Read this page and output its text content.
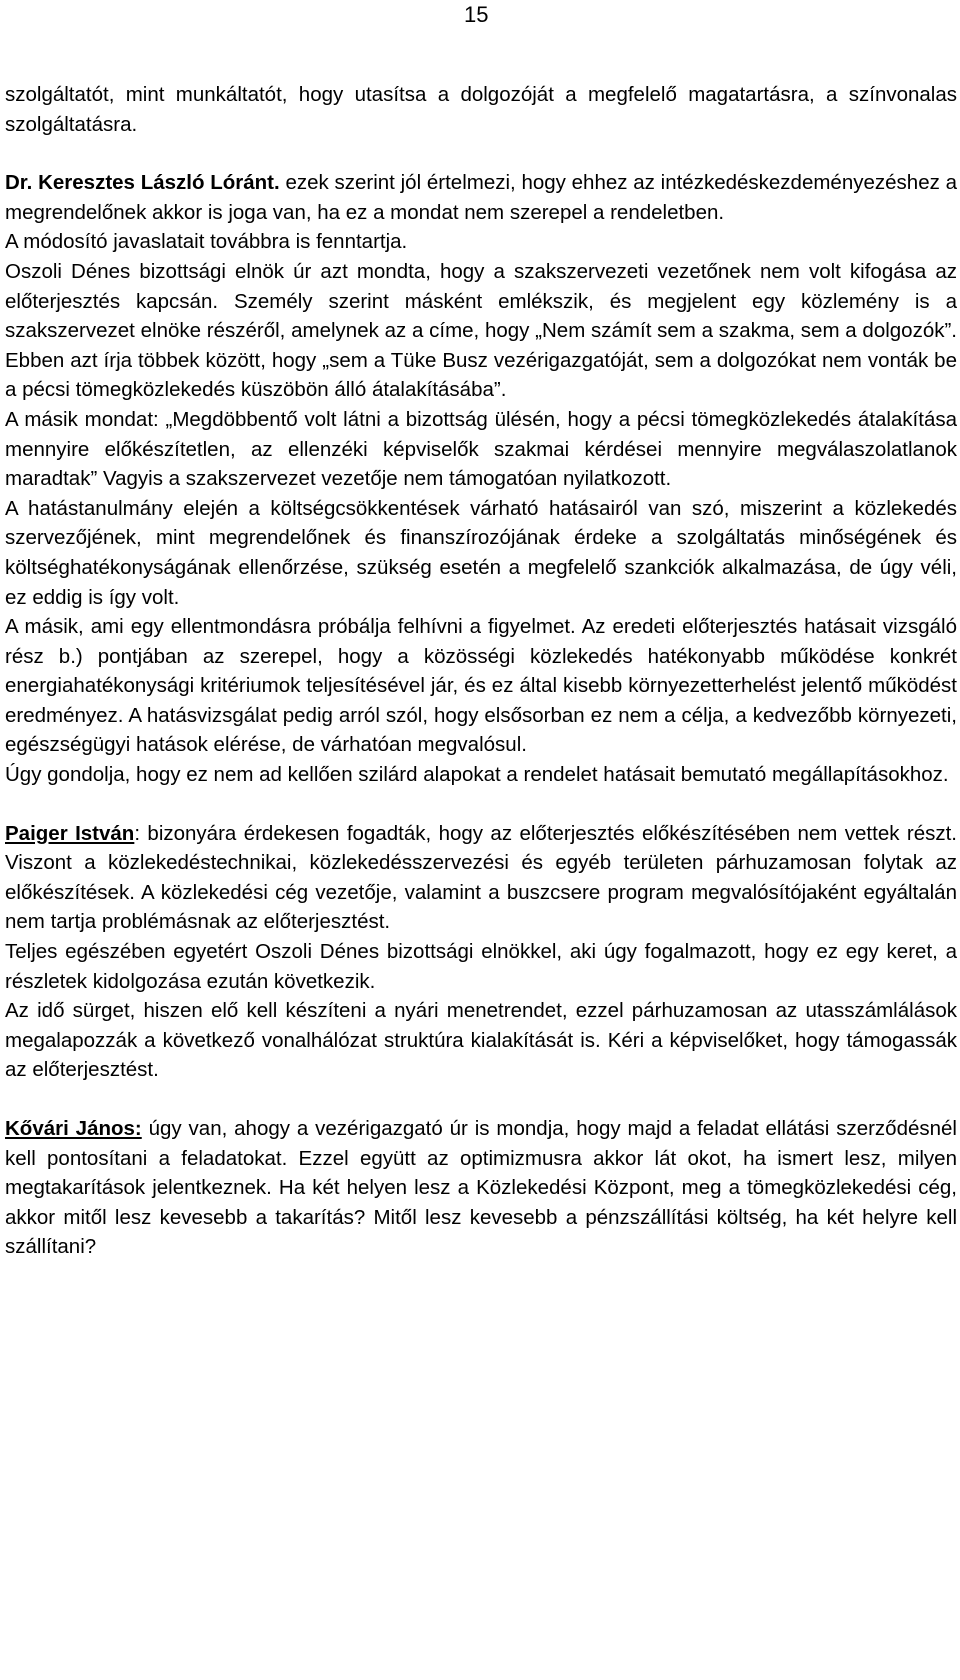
15

szolgáltatót, mint munkáltatót, hogy utasítsa a dolgozóját a megfelelő magatartásra, a színvonalas szolgáltatásra.

Dr. Keresztes László Lóránt. ezek szerint jól értelmezi, hogy ehhez az intézkedéskezdeményezéshez a megrendelőnek akkor is joga van, ha ez a mondat nem szerepel a rendeletben.

A módosító javaslatait továbbra is fenntartja.

Oszoli Dénes bizottsági elnök úr azt mondta, hogy a szakszervezeti vezetőnek nem volt kifogása az előterjesztés kapcsán. Személy szerint másként emlékszik, és megjelent egy közlemény is a szakszervezet elnöke részéről, amelynek az a címe, hogy „Nem számít sem a szakma, sem a dolgozók”. Ebben azt írja többek között, hogy „sem a Tüke Busz vezérigazgatóját, sem a dolgozókat nem vonták be a pécsi tömegközlekedés küszöbön álló átalakításába”.

A másik mondat: „Megdöbbentő volt látni a bizottság ülésén, hogy a pécsi tömegközlekedés átalakítása mennyire előkészítetlen, az ellenzéki képviselők szakmai kérdései mennyire megválaszolatlanok maradtak” Vagyis a szakszervezet vezetője nem támogatóan nyilatkozott.

A hatástanulmány elején a költségcsökkentések várható hatásairól van szó, miszerint a közlekedés szervezőjének, mint megrendelőnek és finanszírozójának érdeke a szolgáltatás minőségének és költséghatékonyságának ellenőrzése, szükség esetén a megfelelő szankciók alkalmazása, de úgy véli, ez eddig is így volt.

A másik, ami egy ellentmondásra próbálja felhívni a figyelmet. Az eredeti előterjesztés hatásait vizsgáló rész b.) pontjában az szerepel, hogy a közösségi közlekedés hatékonyabb működése konkrét energiahatékonysági kritériumok teljesítésével jár, és ez által kisebb környezetterhelést jelentő működést eredményez. A hatásvizsgálat pedig arról szól, hogy elsősorban ez nem a célja, a kedvezőbb környezeti, egészségügyi hatások elérése, de várhatóan megvalósul.

Úgy gondolja, hogy ez nem ad kellően szilárd alapokat a rendelet hatásait bemutató megállapításokhoz.

Paiger István: bizonyára érdekesen fogadták, hogy az előterjesztés előkészítésében nem vettek részt. Viszont a közlekedéstechnikai, közlekedésszervezési és egyéb területen párhuzamosan folytak az előkészítések. A közlekedési cég vezetője, valamint a buszcsere program megvalósítójaként egyáltalán nem tartja problémásnak az előterjesztést.

Teljes egészében egyetért Oszoli Dénes bizottsági elnökkel, aki úgy fogalmazott, hogy ez egy keret, a részletek kidolgozása ezután következik.

Az idő sürget, hiszen elő kell készíteni a nyári menetrendet, ezzel párhuzamosan az utasszámlálások megalapozzák a következő vonalhálózat struktúra kialakítását is. Kéri a képviselőket, hogy támogassák az előterjesztést.

Kővári János: úgy van, ahogy a vezérigazgató úr is mondja, hogy majd a feladat ellátási szerződésnél kell pontosítani a feladatokat. Ezzel együtt az optimizmusra akkor lát okot, ha ismert lesz, milyen megtakarítások jelentkeznek. Ha két helyen lesz a Közlekedési Központ, meg a tömegközlekedési cég, akkor mitől lesz kevesebb a takarítás? Mitől lesz kevesebb a pénzszállítási költség, ha két helyre kell szállítani?
